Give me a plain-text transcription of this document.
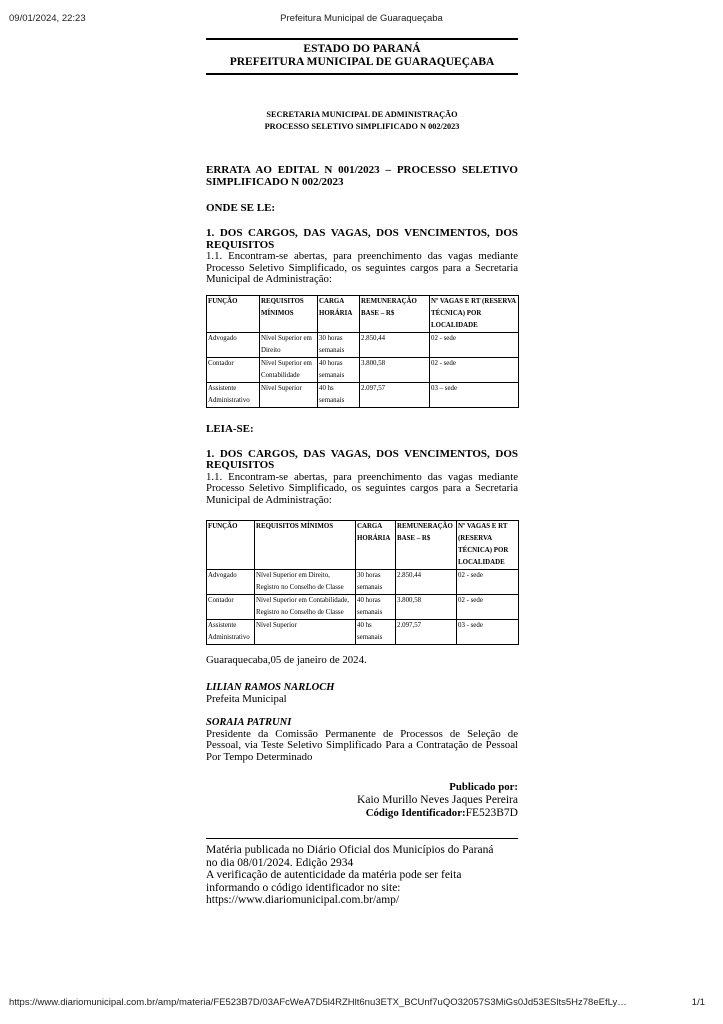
09/01/2024, 22:23	Prefeitura Municipal de Guaraqueçaba
ESTADO DO PARANÁ
PREFEITURA MUNICIPAL DE GUARAQUEÇABA
SECRETARIA MUNICIPAL DE ADMINISTRAÇÃO
PROCESSO SELETIVO SIMPLIFICADO N 002/2023
ERRATA AO EDITAL N 001/2023 – PROCESSO SELETIVO SIMPLIFICADO N 002/2023
ONDE SE LE:
1. DOS CARGOS, DAS VAGAS, DOS VENCIMENTOS, DOS REQUISITOS
1.1. Encontram-se abertas, para preenchimento das vagas mediante Processo Seletivo Simplificado, os seguintes cargos para a Secretaria Municipal de Administração:
FUNÇÃO	REQUISITOS MÍNIMOS	CARGA HORÁRIA	REMUNERAÇÃO BASE – R$	Nº VAGAS E RT (RESERVA TÉCNICA) POR LOCALIDADE
Advogado	Nível Superior em Direito	30 horas semanais	2.850,44	02 - sede
Contador	Nível Superior em Contabilidade	40 horas semanais	3.800,58	02 - sede
Assistente Administrativo	Nível Superior	40 hs semanais	2.097,57	03 – sede
LEIA-SE:
1. DOS CARGOS, DAS VAGAS, DOS VENCIMENTOS, DOS REQUISITOS
1.1. Encontram-se abertas, para preenchimento das vagas mediante Processo Seletivo Simplificado, os seguintes cargos para a Secretaria Municipal de Administração:
FUNÇÃO	REQUISITOS MÍNIMOS	CARGA HORÁRIA	REMUNERAÇÃO BASE – R$	Nº VAGAS E RT (RESERVA TÉCNICA) POR LOCALIDADE
Advogado	Nível Superior em Direito, Registro no Conselho de Classe	30 horas semanais	2.850,44	02 - sede
Contador	Nível Superior em Contabilidade, Registro no Conselho de Classe	40 horas semanais	3.800,58	02 - sede
Assistente Administrativo	Nível Superior	40 hs semanais	2.097,57	03 - sede
Guaraquecaba,05 de janeiro de 2024.
LILIAN RAMOS NARLOCH
Prefeita Municipal
SORAIA PATRUNI
Presidente da Comissão Permanente de Processos de Seleção de Pessoal, via Teste Seletivo Simplificado Para a Contratação de Pessoal Por Tempo Determinado
Publicado por:
Kaio Murillo Neves Jaques Pereira
Código Identificador:FE523B7D
Matéria publicada no Diário Oficial dos Municípios do Paraná
no dia 08/01/2024. Edição 2934
A verificação de autenticidade da matéria pode ser feita
informando o código identificador no site:
https://www.diariomunicipal.com.br/amp/
https://www.diariomunicipal.com.br/amp/materia/FE523B7D/03AFcWeA7D5l4RZHlt6nu3ETX_BCUnf7uQO32057S3MiGs0Jd53ESlts5Hz78eEfLy…	1/1
